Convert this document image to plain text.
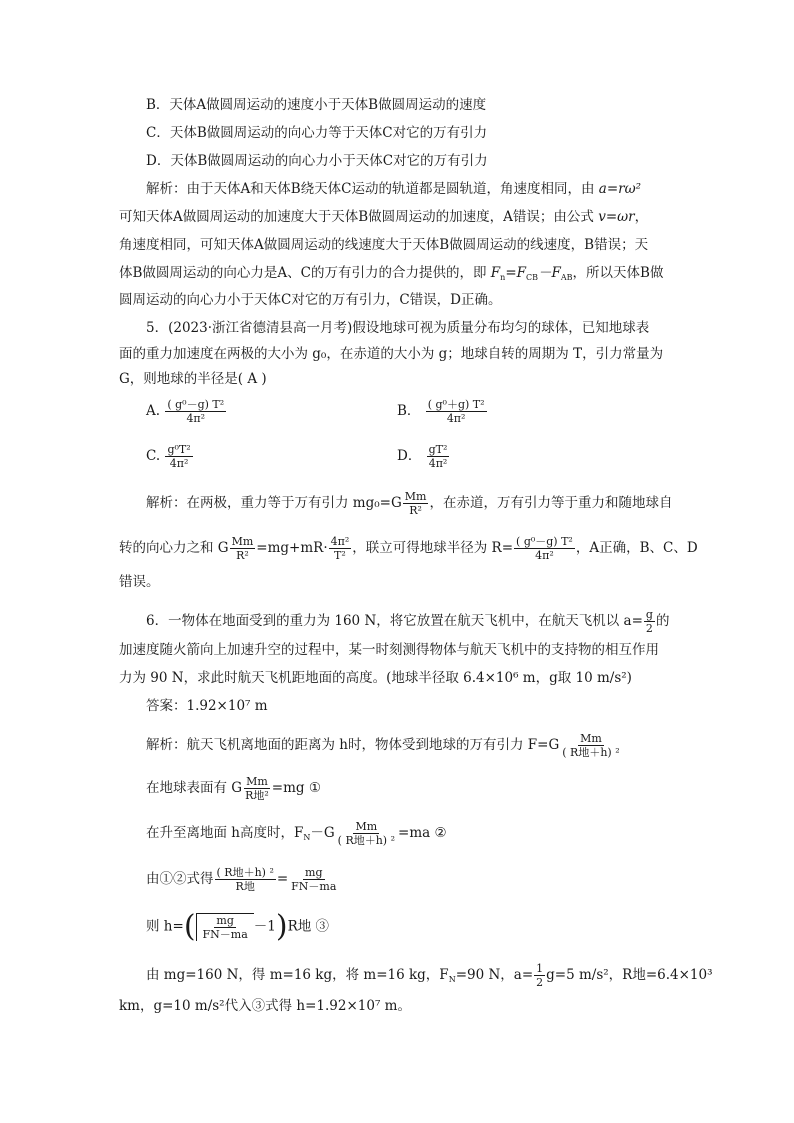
B．天体A做圆周运动的速度小于天体B做圆周运动的速度
C．天体B做圆周运动的向心力等于天体C对它的万有引力
D．天体B做圆周运动的向心力小于天体C对它的万有引力
解析：由于天体A和天体B绕天体C运动的轨道都是圆轨道，角速度相同，由 a=rω²
可知天体A做圆周运动的加速度大于天体B做圆周运动的加速度，A错误；由公式 v=ωr，
角速度相同，可知天体A做圆周运动的线速度大于天体B做圆周运动的线速度，B错误；天
体B做圆周运动的向心力是A、C的万有引力的合力提供的，即 $F_n=F_{CB}-F_{AB}$，所以天体B做
圆周运动的向心力小于天体C对它的万有引力，C错误，D正确。
5．(2023·浙江省德清县高一月考)假设地球可视为质量分布均匀的球体，已知地球表
面的重力加速度在两极的大小为 g₀，在赤道的大小为 g；地球自转的周期为 T，引力常量为
G，则地球的半径是( A )
A. $\frac{\text{( g⁰－g) T²}}{\text{4π²}}$	B． $\frac{\text{( g⁰＋g) T²}}{\text{4π²}}$
C. $\frac{\text{g⁰T²}}{\text{4π²}}$	D． $\frac{\text{gT²}}{\text{4π²}}$
解析：在两极，重力等于万有引力 $mg_0=G \frac{Mm}{\text{R²}}$ ，在赤道，万有引力等于重力和随地球自
转的向心力之和 G $\frac{Mm}{\text{R²}} =mg+mR\cdot \frac{\text{4π²}}{\text{T²}}$ ，联立可得地球半径为 $R= \frac{\text{( g⁰－g) T²}}{\text{4π²}}$ ，A正确，B、C、D
错误。
6．一物体在地面受到的重力为 160 N，将它放置在航天飞机中，在航天飞机以 $a= \frac{g}{2}$ 的
加速度随火箭向上加速升空的过程中，某一时刻测得物体与航天飞机中的支持物的相互作用
力为 90 N，求此时航天飞机距地面的高度。(地球半径取 6.4×10⁶ m，g取 10 m/s²)
答案：1.92×10⁷ m
解析：航天飞机离地面的距离为 h时，物体受到地球的万有引力 $F=G \frac{Mm}{\text{( R地＋h) ²}}$
在地球表面有 G $\frac{Mm}{\text{R地²}} =mg$ ①
在升至离地面 h高度时，$F_N-G \frac{Mm}{\text{( R地＋h) ²}} =ma$ ②
由①②式得 $\frac{\text{( R地＋h) ²}}{\text{R地}} = \frac{mg}{FN-ma}$
则 $h=( \frac{mg}{FN-ma} -1)R$地 ③
由 mg=160 N，得 m=16 kg，将 m=16 kg，$F_N=90$ N，$a= \frac{1}{2} g=5$ m/s²，R地=6.4×10³
km，g=10 m/s²代入③式得 h=1.92×10⁷ m。
